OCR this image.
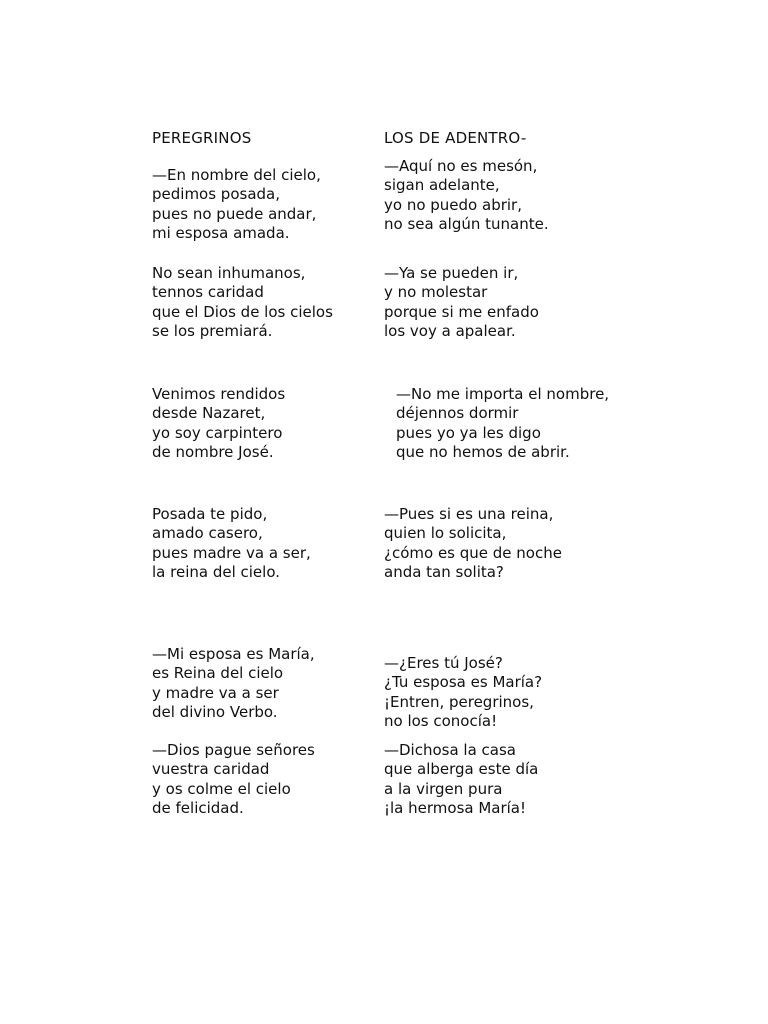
PEREGRINOS	LOS DE ADENTRO-
—En nombre del cielo,
pedimos posada,
pues no puede andar,
mi esposa amada.
No sean inhumanos,
tennos caridad
que el Dios de los cielos
se los premiará.
Venimos rendidos
desde Nazaret,
yo soy carpintero
de nombre José.
Posada te pido,
amado casero,
pues madre va a ser,
la reina del cielo.
—Mi esposa es María,
es Reina del cielo
y madre va a ser
del divino Verbo.
—Dios pague señores
vuestra caridad
y os colme el cielo
de felicidad.
—Aquí no es mesón,
sigan adelante,
yo no puedo abrir,
no sea algún tunante.
—Ya se pueden ir,
y no molestar
porque si me enfado
los voy a apalear.
—No me importa el nombre,
déjennos dormir
pues yo ya les digo
que no hemos de abrir.
—Pues si es una reina,
quien lo solicita,
¿cómo es que de noche
anda tan solita?
—¿Eres tú José?
¿Tu esposa es María?
¡Entren, peregrinos,
no los conocía!
—Dichosa la casa
que alberga este día
a la virgen pura
¡la hermosa María!
